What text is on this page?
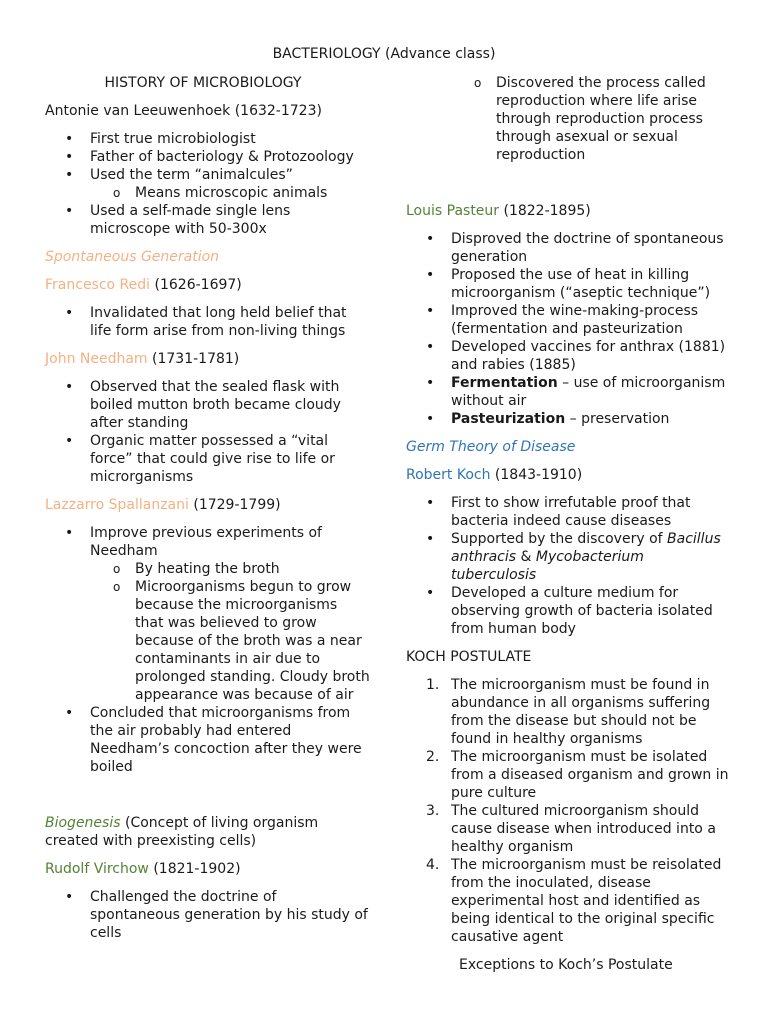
BACTERIOLOGY (Advance class)

HISTORY OF MICROBIOLOGY

Antonie van Leeuwenhoek (1632-1723)

• First true microbiologist
• Father of bacteriology & Protozoology
• Used the term “animalcules”
o Means microscopic animals
• Used a self-made single lens microscope with 50-300x

Spontaneous Generation

Francesco Redi (1626-1697)

• Invalidated that long held belief that life form arise from non-living things

John Needham (1731-1781)

• Observed that the sealed flask with boiled mutton broth became cloudy after standing
• Organic matter possessed a “vital force” that could give rise to life or microrganisms

Lazzarro Spallanzani (1729-1799)

• Improve previous experiments of Needham
o By heating the broth
o Microorganisms begun to grow because the microorganisms that was believed to grow because of the broth was a near contaminants in air due to prolonged standing. Cloudy broth appearance was because of air
• Concluded that microorganisms from the air probably had entered Needham’s concoction after they were boiled

Biogenesis (Concept of living organism created with preexisting cells)

Rudolf Virchow (1821-1902)

• Challenged the doctrine of spontaneous generation by his study of cells
o Discovered the process called reproduction where life arise through reproduction process through asexual or sexual reproduction

Louis Pasteur (1822-1895)

• Disproved the doctrine of spontaneous generation
• Proposed the use of heat in killing microorganism (“aseptic technique”)
• Improved the wine-making-process (fermentation and pasteurization
• Developed vaccines for anthrax (1881) and rabies (1885)
• Fermentation – use of microorganism without air
• Pasteurization – preservation

Germ Theory of Disease

Robert Koch (1843-1910)

• First to show irrefutable proof that bacteria indeed cause diseases
• Supported by the discovery of Bacillus anthracis & Mycobacterium tuberculosis
• Developed a culture medium for observing growth of bacteria isolated from human body

KOCH POSTULATE

1. The microorganism must be found in abundance in all organisms suffering from the disease but should not be found in healthy organisms
2. The microorganism must be isolated from a diseased organism and grown in pure culture
3. The cultured microorganism should cause disease when introduced into a healthy organism
4. The microorganism must be reisolated from the inoculated, disease experimental host and identified as being identical to the original specific causative agent

Exceptions to Koch’s Postulate
